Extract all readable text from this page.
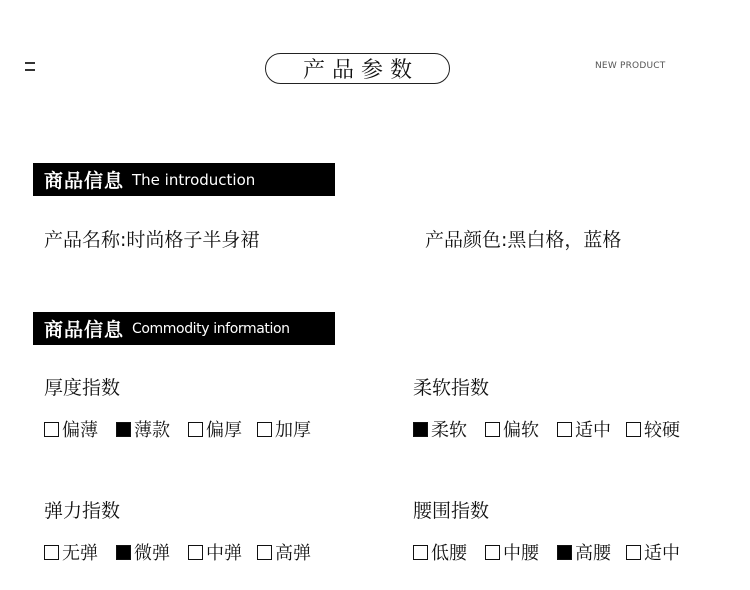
产品参数	NEW PRODUCT
商品信息 The introduction
产品名称:时尚格子半身裙	产品颜色:黑白格，蓝格
商品信息 Commodity information
厚度指数
偏薄 薄款 偏厚 加厚
柔软指数
柔软 偏软 适中 较硬
弹力指数
无弹 微弹 中弹 高弹
腰围指数
低腰 中腰 高腰 适中
